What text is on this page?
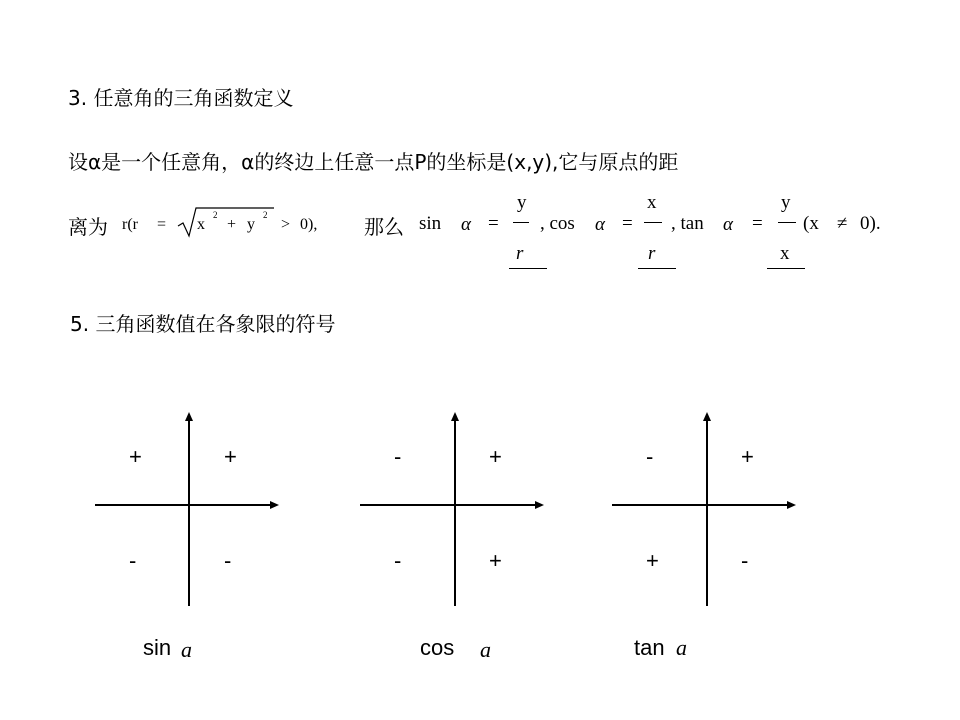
3. 任意角的三角函数定义
设α是一个任意角，α的终边上任意一点P的坐标是(x,y),它与原点的距
离为 r(r = x
2
+ y
2
> 0), 那么 sin α =
y
, cos
r
α =
x
, tan
r
α =
y
(x ≠ 0).
x
5. 三角函数值在各象限的符号
+	+
-	-
sin a
-	+
-	+
cos a
-	+
+	-
tan a
